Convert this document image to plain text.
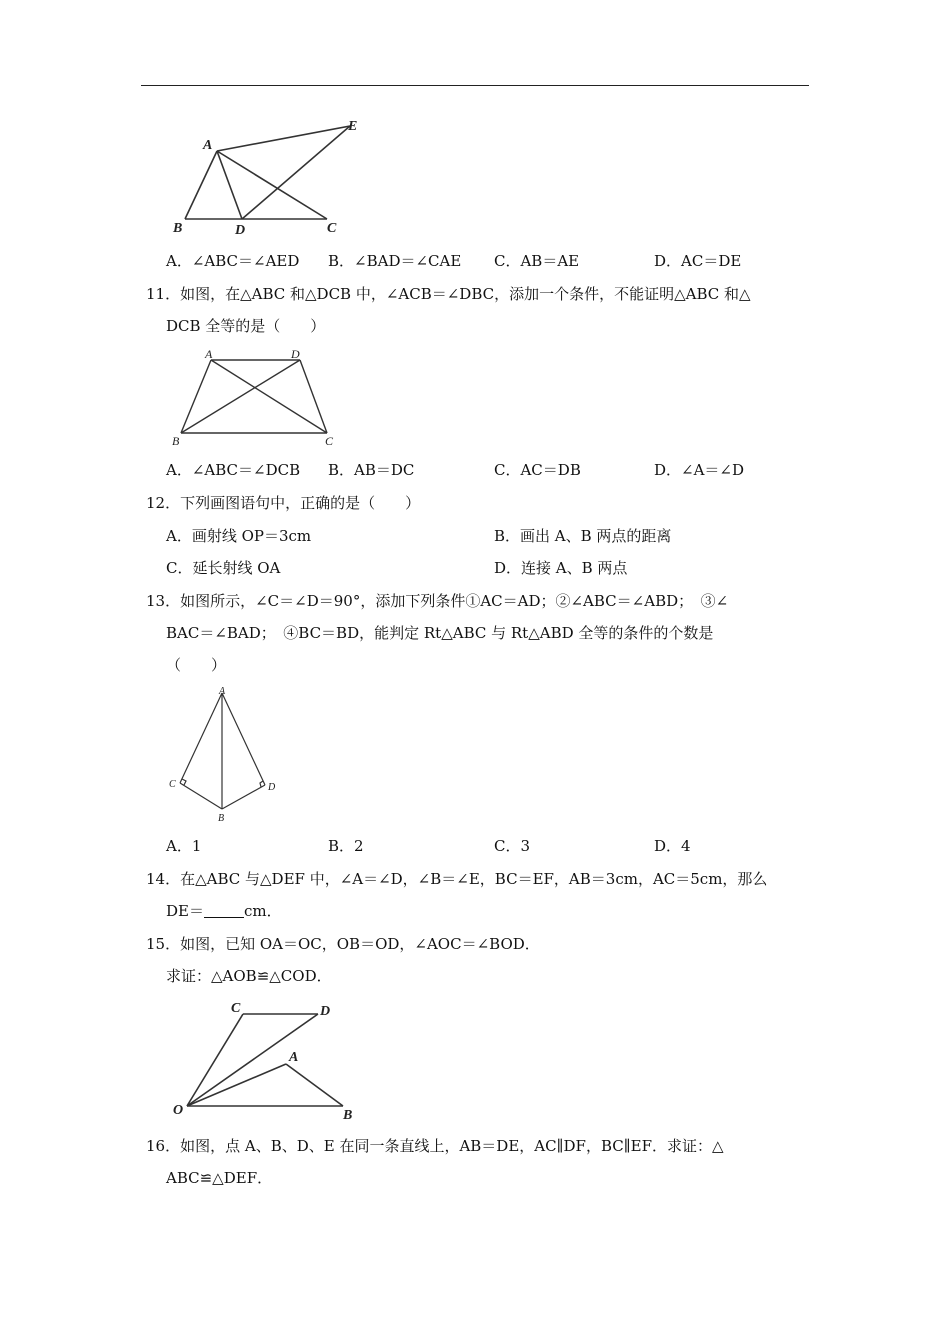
A
E
B	D	C
A．∠ABC＝∠AED B．∠BAD＝∠CAE C．AB＝AE	D．AC＝DE
11．如图，在△ABC 和△DCB 中，∠ACB＝∠DBC，添加一个条件，不能证明△ABC 和△
DCB 全等的是（　　）
A	D
B	C
A．∠ABC＝∠DCB B．AB＝DC	C．AC＝DB	D．∠A＝∠D
12．下列画图语句中，正确的是（　　）
A．画射线 OP＝3cm	B．画出 A、B 两点的距离
C．延长射线 OA	D．连接 A、B 两点
13．如图所示，∠C＝∠D＝90°，添加下列条件①AC＝AD；②∠ABC＝∠ABD；　③∠
BAC＝∠BAD；　④BC＝BD，能判定 Rt△ABC 与 Rt△ABD 全等的条件的个数是
（　　）
A
C	D
B
A．1	B．2	C．3	D．4
14．在△ABC 与△DEF 中，∠A＝∠D，∠B＝∠E，BC＝EF，AB＝3cm，AC＝5cm，那么
DE＝	cm．
15．如图，已知 OA＝OC，OB＝OD，∠AOC＝∠BOD．
求证：△AOB≌△COD．
C	D
A
O	B
16．如图，点 A、B、D、E 在同一条直线上，AB＝DE，AC∥DF，BC∥EF．求证：△
ABC≌△DEF．
